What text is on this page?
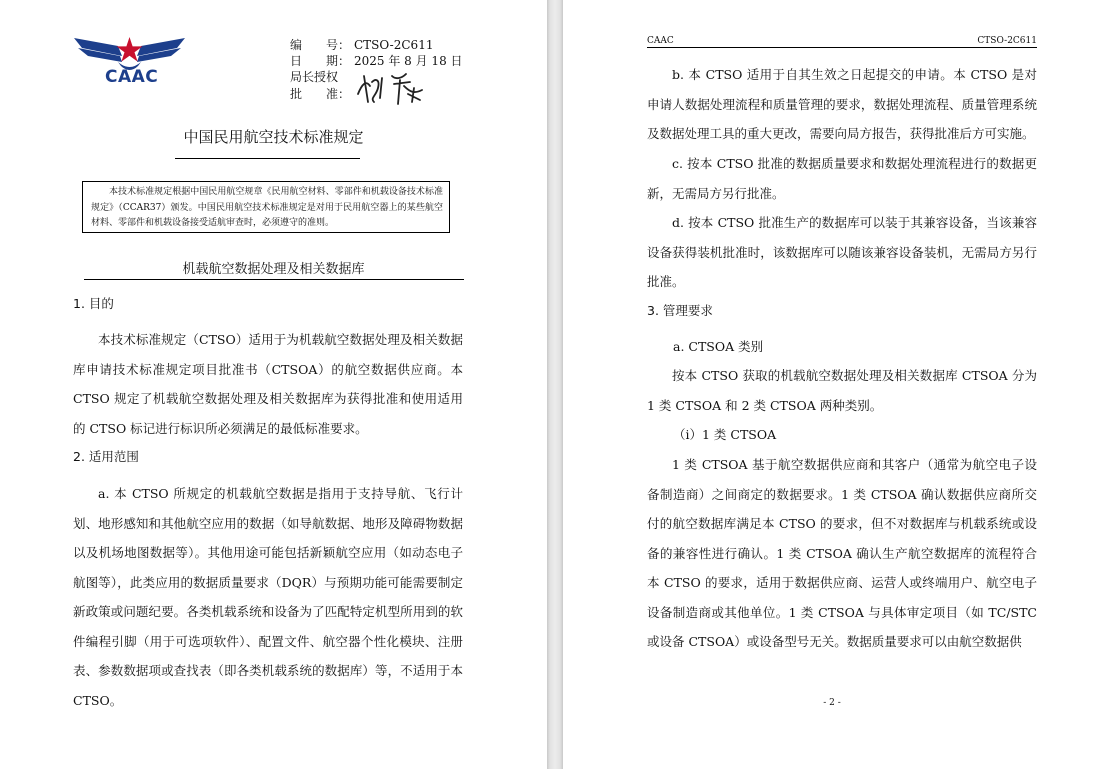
CAAC
编　　号： CTSO-2C611
日　　期： 2025 年 8 月 18 日
局长授权
批　　准：
中国民用航空技术标准规定
本技术标准规定根据中国民用航空规章《民用航空材料、零部件和机载设备技术标准规定》（CCAR37）颁发。中国民用航空技术标准规定是对用于民用航空器上的某些航空材料、零部件和机载设备接受适航审查时，必须遵守的准则。
机载航空数据处理及相关数据库
1. 目的
本技术标准规定（CTSO）适用于为机载航空数据处理及相关数据库申请技术标准规定项目批准书（CTSOA）的航空数据供应商。本 CTSO 规定了机载航空数据处理及相关数据库为获得批准和使用适用的 CTSO 标记进行标识所必须满足的最低标准要求。
2. 适用范围
a. 本 CTSO 所规定的机载航空数据是指用于支持导航、飞行计划、地形感知和其他航空应用的数据（如导航数据、地形及障碍物数据以及机场地图数据等）。其他用途可能包括新颖航空应用（如动态电子航图等），此类应用的数据质量要求（DQR）与预期功能可能需要制定新政策或问题纪要。各类机载系统和设备为了匹配特定机型所用到的软件编程引脚（用于可选项软件）、配置文件、航空器个性化模块、注册表、参数数据项或查找表（即各类机载系统的数据库）等，不适用于本 CTSO。
CAAC	CTSO-2C611
b. 本 CTSO 适用于自其生效之日起提交的申请。本 CTSO 是对申请人数据处理流程和质量管理的要求，数据处理流程、质量管理系统及数据处理工具的重大更改，需要向局方报告，获得批准后方可实施。
c. 按本 CTSO 批准的数据质量要求和数据处理流程进行的数据更新，无需局方另行批准。
d. 按本 CTSO 批准生产的数据库可以装于其兼容设备，当该兼容设备获得装机批准时，该数据库可以随该兼容设备装机，无需局方另行批准。
3. 管理要求
a. CTSOA 类别
按本 CTSO 获取的机载航空数据处理及相关数据库 CTSOA 分为 1 类 CTSOA 和 2 类 CTSOA 两种类别。
（ⅰ）1 类 CTSOA
1 类 CTSOA 基于航空数据供应商和其客户（通常为航空电子设备制造商）之间商定的数据要求。1 类 CTSOA 确认数据供应商所交付的航空数据库满足本 CTSO 的要求，但不对数据库与机载系统或设备的兼容性进行确认。1 类 CTSOA 确认生产航空数据库的流程符合本 CTSO 的要求，适用于数据供应商、运营人或终端用户、航空电子设备制造商或其他单位。1 类 CTSOA 与具体审定项目（如 TC/STC 或设备 CTSOA）或设备型号无关。数据质量要求可以由航空数据供
- 2 -
